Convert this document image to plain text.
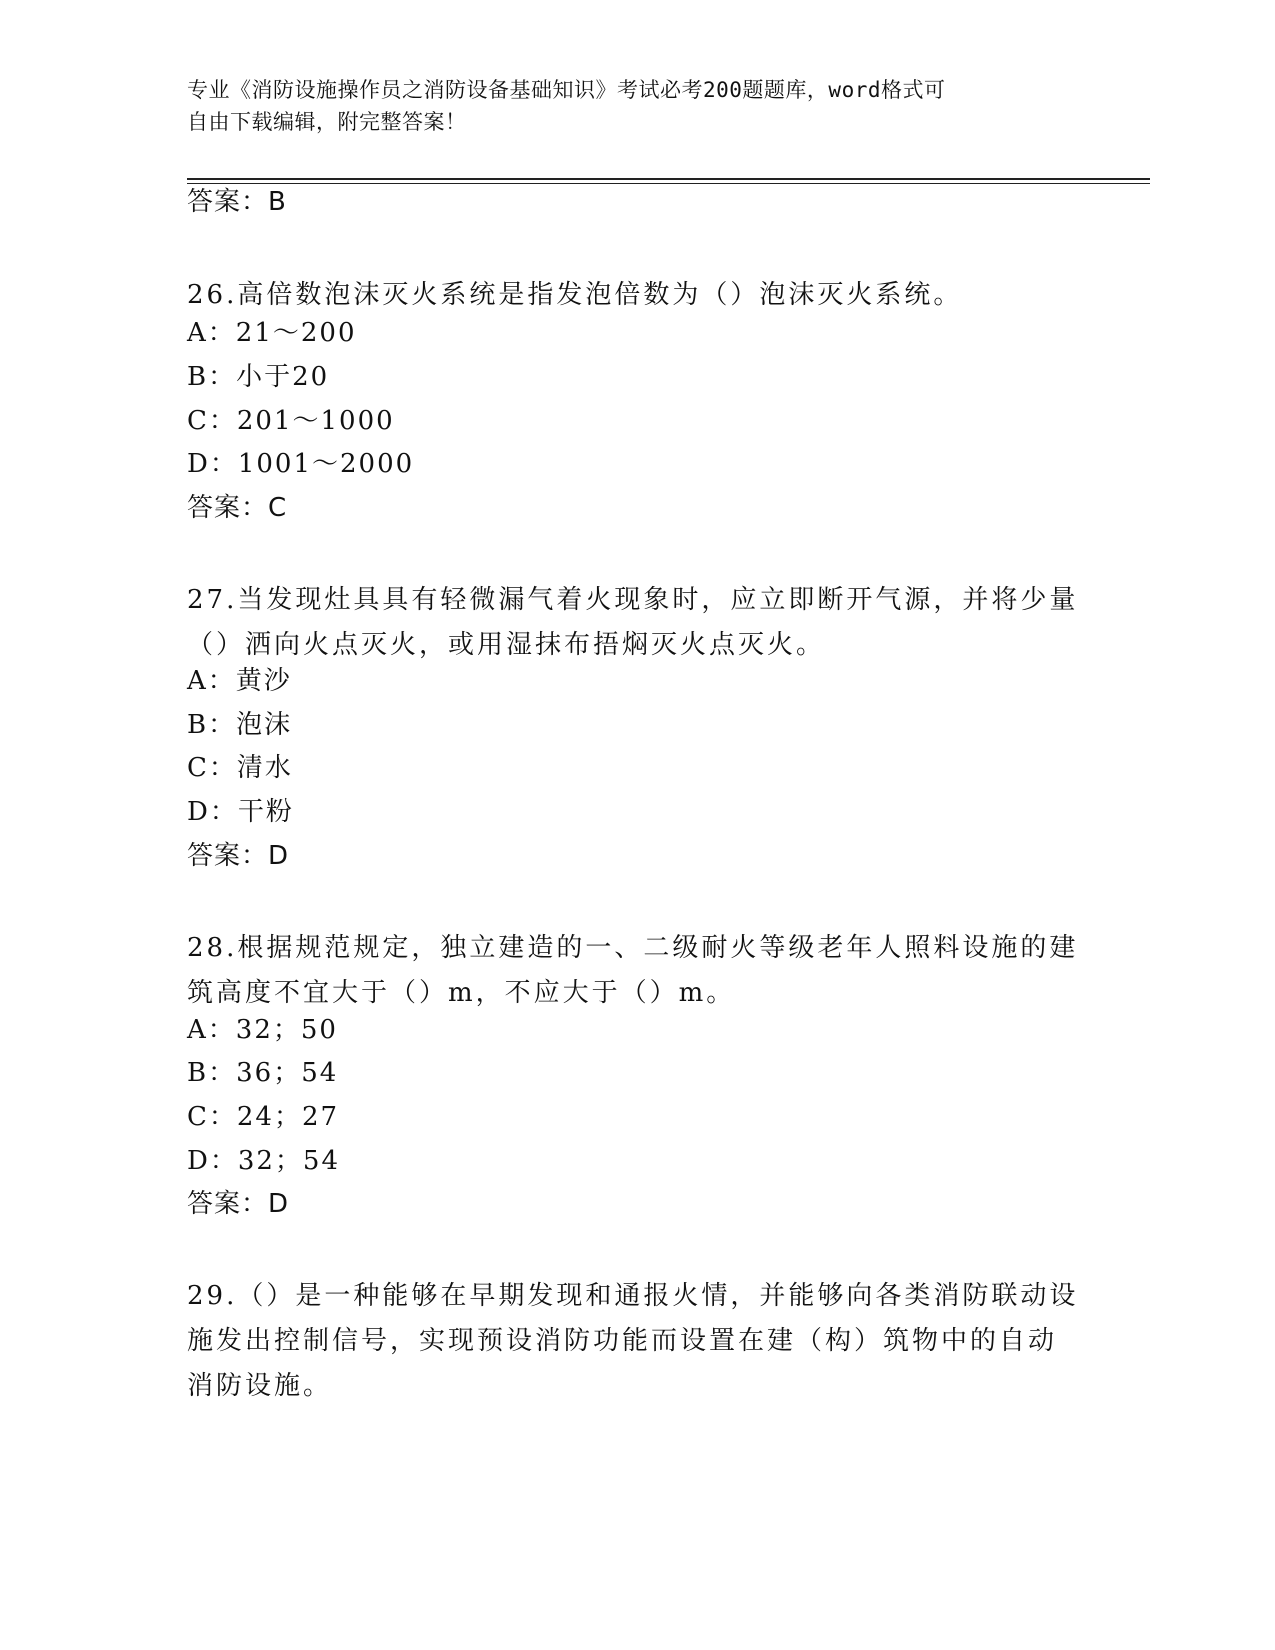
专业《消防设施操作员之消防设备基础知识》考试必考200题题库，word格式可
自由下载编辑，附完整答案！
答案：B
26.高倍数泡沫灭火系统是指发泡倍数为（）泡沫灭火系统。
A：21～200
B：小于20
C：201～1000
D：1001～2000
答案：C
27.当发现灶具具有轻微漏气着火现象时，应立即断开气源，并将少量
（）洒向火点灭火，或用湿抹布捂焖灭火点灭火。
A：黄沙
B：泡沫
C：清水
D：干粉
答案：D
28.根据规范规定，独立建造的一、二级耐火等级老年人照料设施的建
筑高度不宜大于（）m，不应大于（）m。
A：32；50
B：36；54
C：24；27
D：32；54
答案：D
29.（）是一种能够在早期发现和通报火情，并能够向各类消防联动设
施发出控制信号，实现预设消防功能而设置在建（构）筑物中的自动
消防设施。
